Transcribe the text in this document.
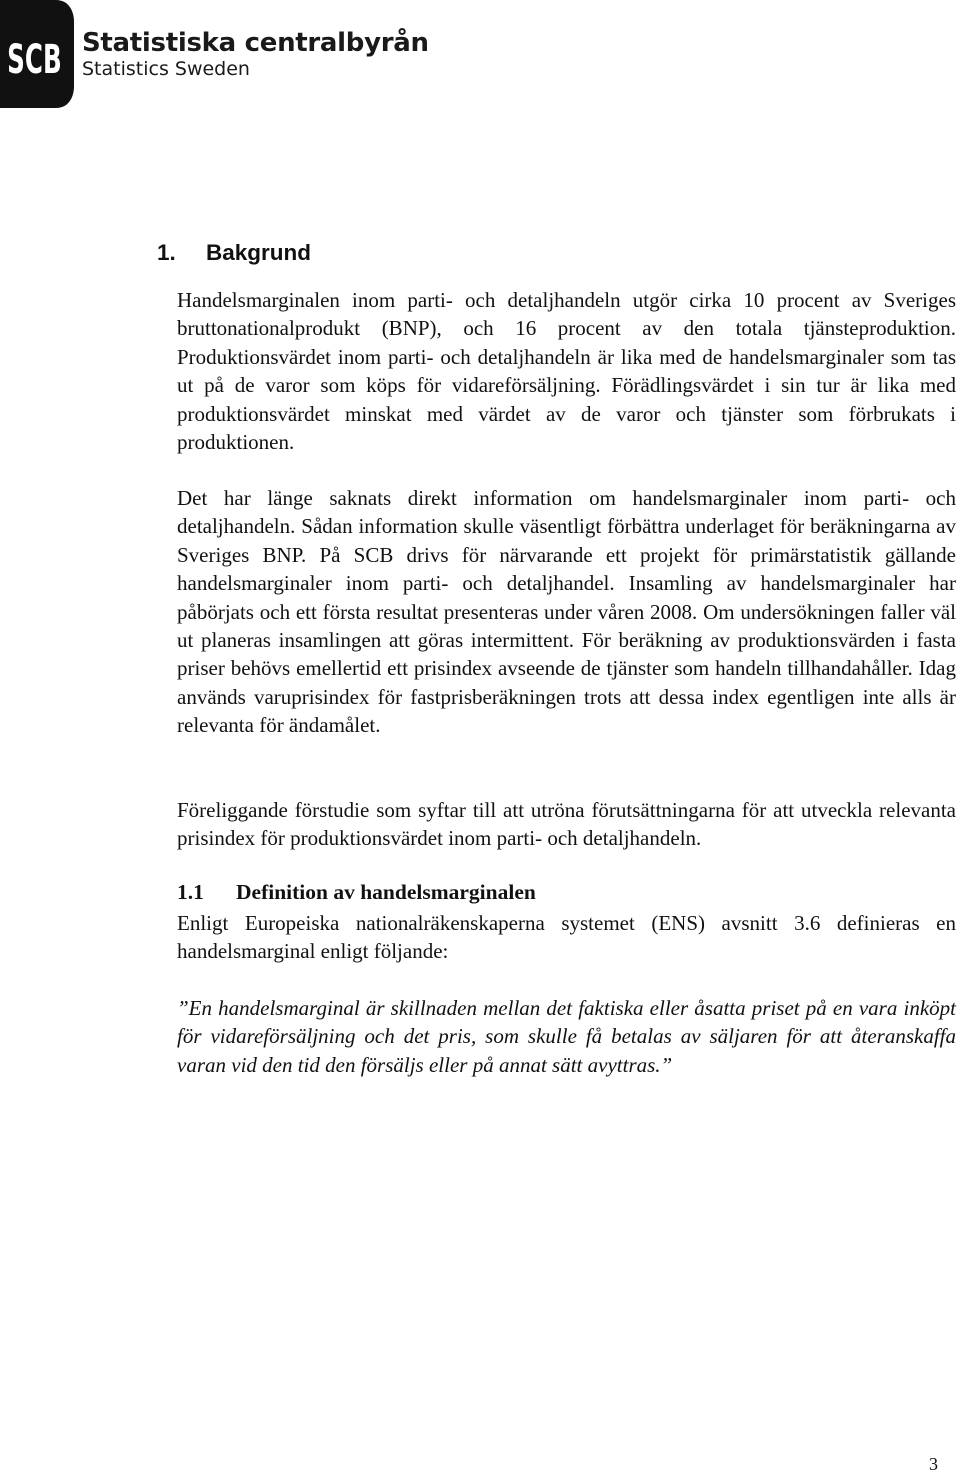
SCB Statistiska centralbyrån
Statistics Sweden
1. Bakgrund

Handelsmarginalen inom parti- och detaljhandeln utgör cirka 10 procent av Sveriges bruttonationalprodukt (BNP), och 16 procent av den totala tjänsteproduktion. Produktionsvärdet inom parti- och detaljhandeln är lika med de handelsmarginaler som tas ut på de varor som köps för vidareförsäljning. Förädlingsvärdet i sin tur är lika med produktionsvärdet minskat med värdet av de varor och tjänster som förbrukats i produktionen.

Det har länge saknats direkt information om handelsmarginaler inom parti- och detaljhandeln. Sådan information skulle väsentligt förbättra underlaget för beräkningarna av Sveriges BNP. På SCB drivs för närvarande ett projekt för primärstatistik gällande handelsmarginaler inom parti- och detaljhandel. Insamling av handelsmarginaler har påbörjats och ett första resultat presenteras under våren 2008. Om undersökningen faller väl ut planeras insamlingen att göras intermittent. För beräkning av produktionsvärden i fasta priser behövs emellertid ett prisindex avseende de tjänster som handeln tillhandahåller. Idag används varuprisindex för fastprisberäkningen trots att dessa index egentligen inte alls är relevanta för ändamålet.

Föreliggande förstudie som syftar till att utröna förutsättningarna för att utveckla relevanta prisindex för produktionsvärdet inom parti- och detaljhandeln.

1.1 Definition av handelsmarginalen

Enligt Europeiska nationalräkenskaperna systemet (ENS) avsnitt 3.6 definieras en handelsmarginal enligt följande:

”En handelsmarginal är skillnaden mellan det faktiska eller åsatta priset på en vara inköpt för vidareförsäljning och det pris, som skulle få betalas av säljaren för att återanskaffa varan vid den tid den försäljs eller på annat sätt avyttras.”

3
